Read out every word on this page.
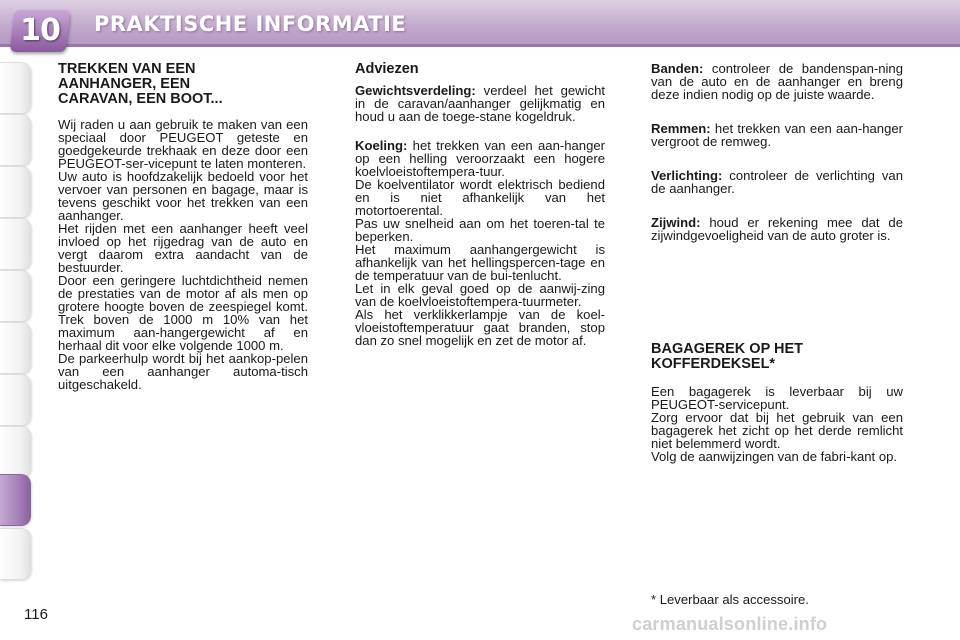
10 PRAKTISCHE INFORMATIE
TREKKEN VAN EEN
AANHANGER, EEN
CARAVAN, EEN BOOT...

Wij raden u aan gebruik te maken van een speciaal door PEUGEOT geteste en goedgekeurde trekhaak en deze door een PEUGEOT-ser-vicepunt te laten monteren.

Uw auto is hoofdzakelijk bedoeld voor het vervoer van personen en bagage, maar is tevens geschikt voor het trekken van een aanhanger.

Het rijden met een aanhanger heeft veel invloed op het rijgedrag van de auto en vergt daarom extra aandacht van de bestuurder.

Door een geringere luchtdichtheid nemen de prestaties van de motor af als men op grotere hoogte boven de zeespiegel komt. Trek boven de 1000 m 10% van het maximum aan-hangergewicht af en herhaal dit voor elke volgende 1000 m.

De parkeerhulp wordt bij het aankop-pelen van een aanhanger automa-tisch uitgeschakeld.

Adviezen

Gewichtsverdeling: verdeel het gewicht in de caravan/aanhanger gelijkmatig en houd u aan de toege-stane kogeldruk.

Koeling: het trekken van een aan-hanger op een helling veroorzaakt een hogere koelvloeistoftempera-tuur.

De koelventilator wordt elektrisch bediend en is niet afhankelijk van het motortoerental.

Pas uw snelheid aan om het toeren-tal te beperken.

Het maximum aanhangergewicht is afhankelijk van het hellingspercen-tage en de temperatuur van de bui-tenlucht.

Let in elk geval goed op de aanwij-zing van de koelvloeistoftempera-tuurmeter.

Als het verklikkerlampje van de koel-vloeistoftemperatuur gaat branden, stop dan zo snel mogelijk en zet de motor af.

Banden: controleer de bandenspan-ning van de auto en de aanhanger en breng deze indien nodig op de juiste waarde.

Remmen: het trekken van een aan-hanger vergroot de remweg.

Verlichting: controleer de verlichting van de aanhanger.

Zijwind: houd er rekening mee dat de zijwindgevoeligheid van de auto groter is.

BAGAGEREK OP HET
KOFFERDEKSEL*

Een bagagerek is leverbaar bij uw PEUGEOT-servicepunt.

Zorg ervoor dat bij het gebruik van een bagagerek het zicht op het derde remlicht niet belemmerd wordt.

Volg de aanwijzingen van de fabri-kant op.

* Leverbaar als accessoire.
116	carmanualsonline.info
